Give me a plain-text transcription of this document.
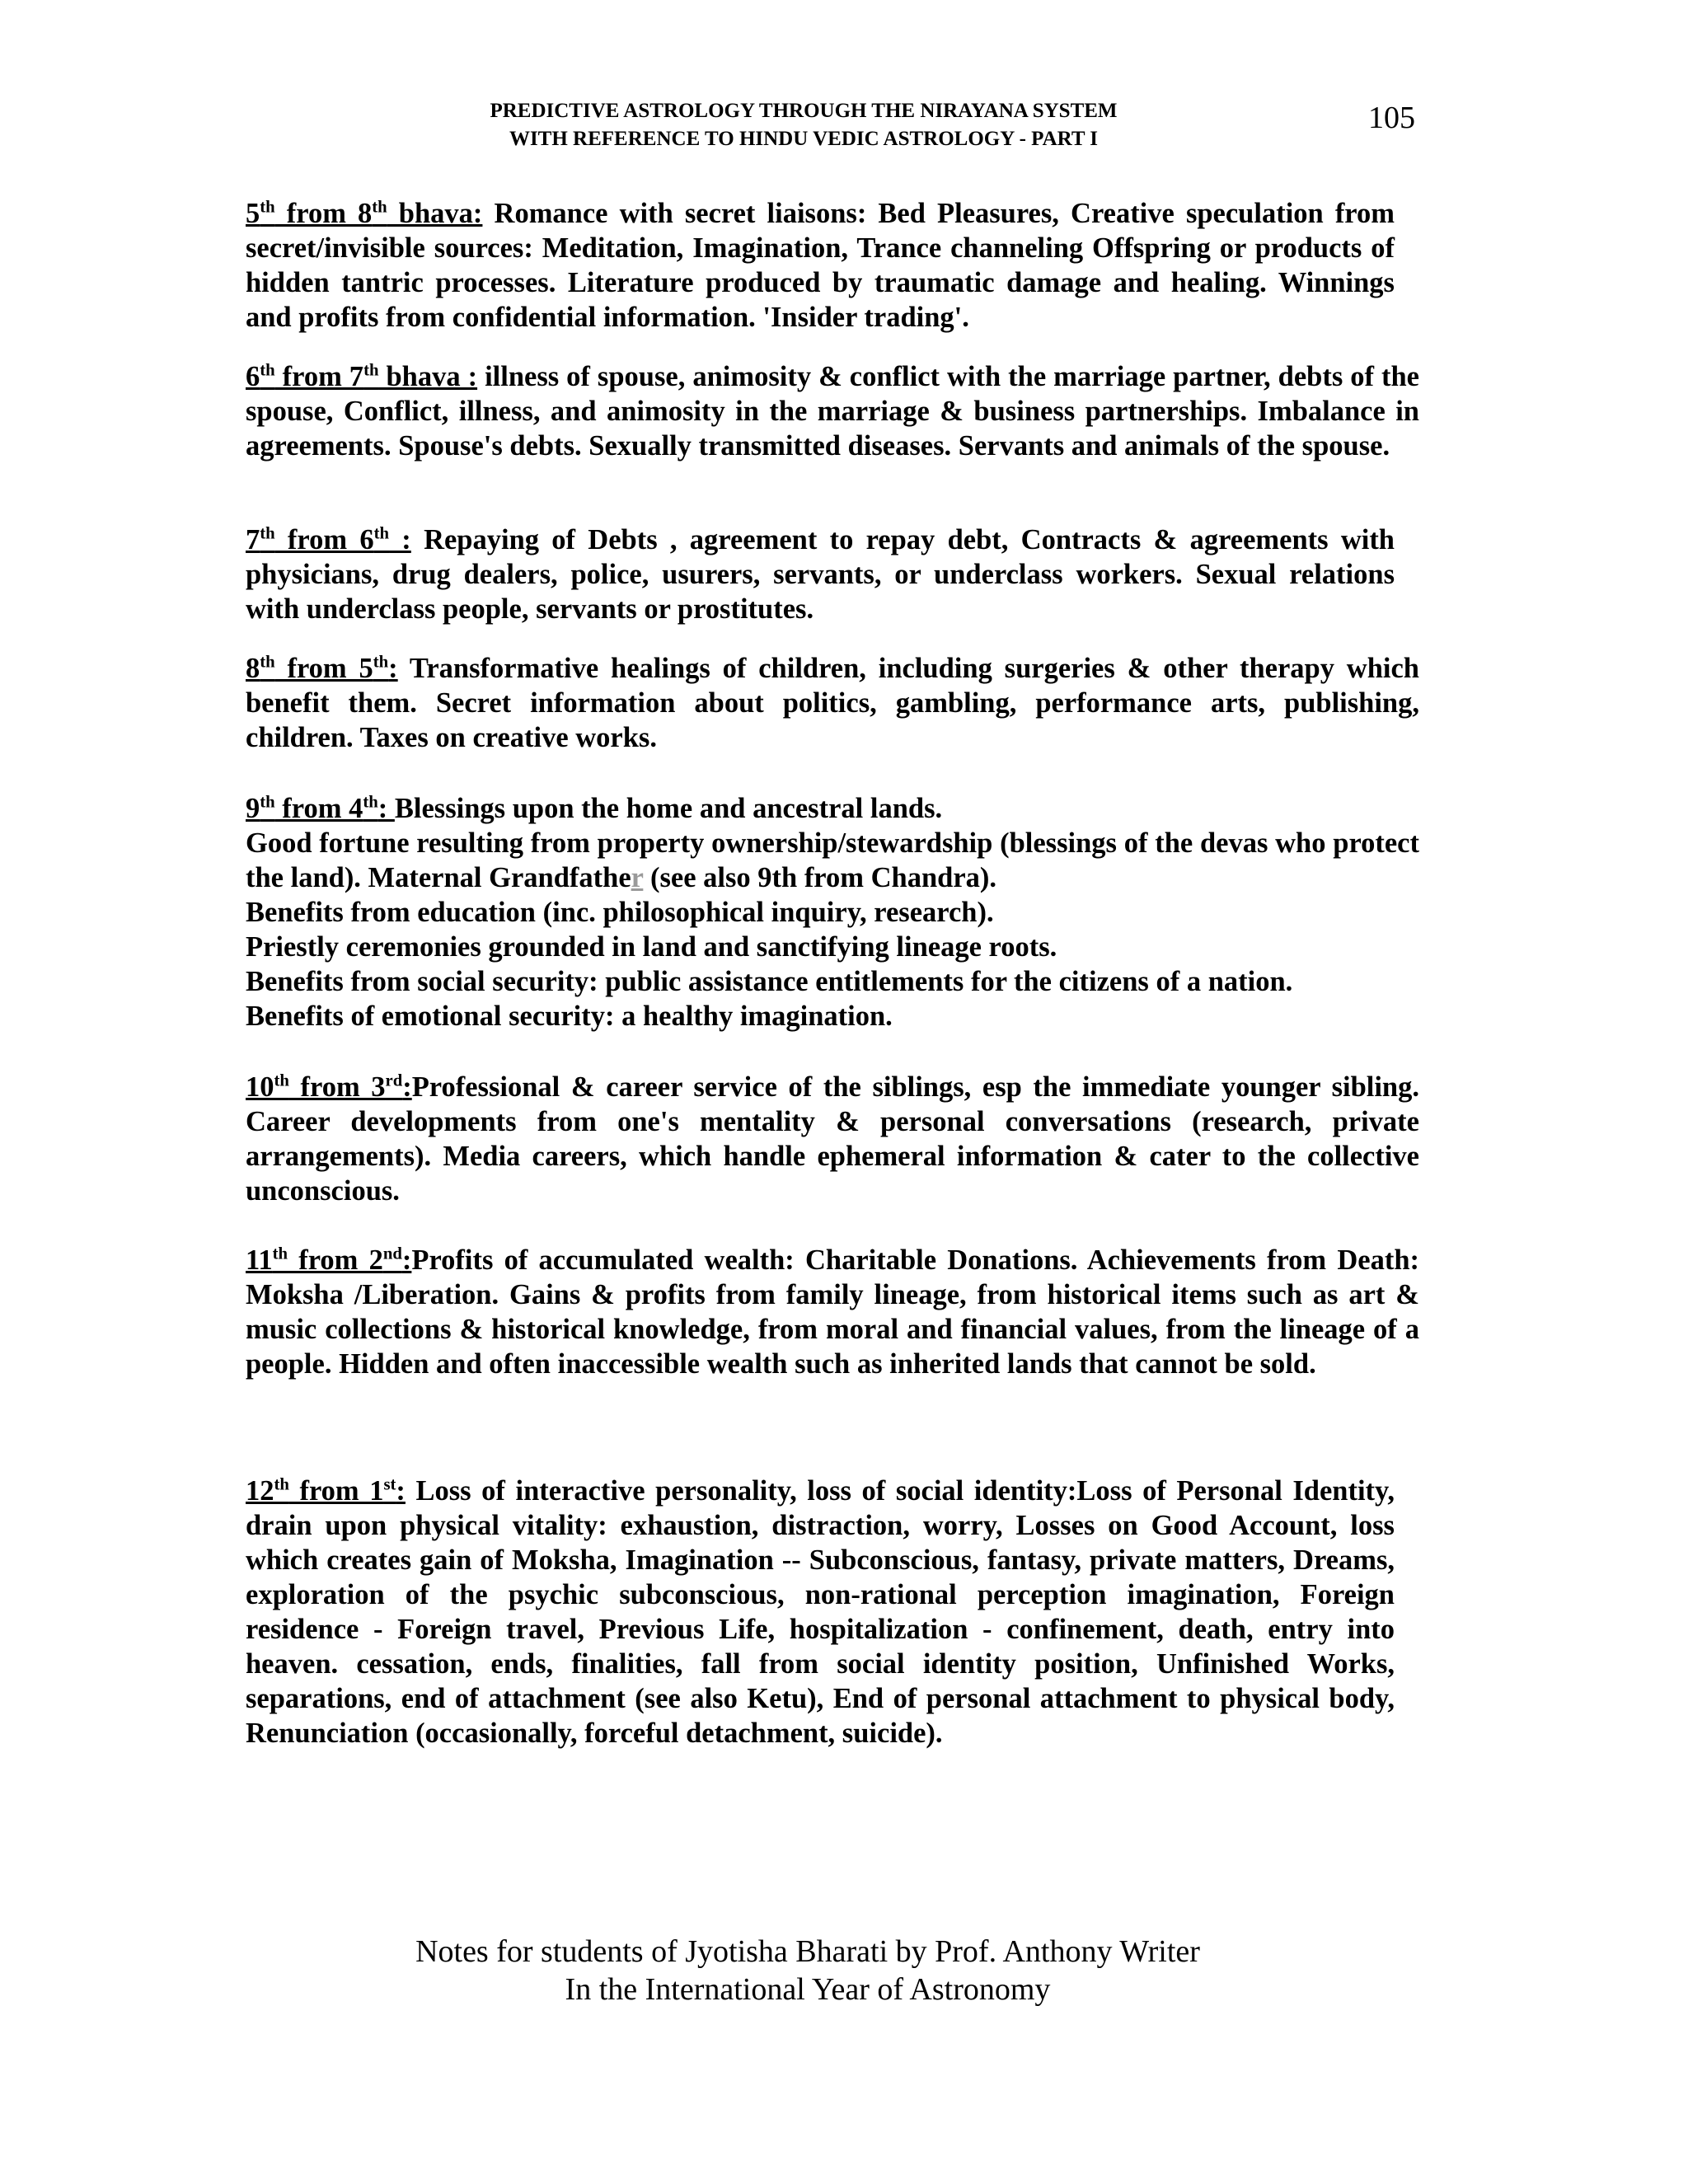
PREDICTIVE ASTROLOGY THROUGH THE NIRAYANA SYSTEM
WITH REFERENCE TO HINDU VEDIC ASTROLOGY - PART I
105
5th from 8th bhava: Romance with secret liaisons: Bed Pleasures, Creative speculation from secret/invisible sources: Meditation, Imagination, Trance channeling Offspring or products of hidden tantric processes. Literature produced by traumatic damage and healing. Winnings and profits from confidential information. 'Insider trading'.
6th from 7th bhava : illness of spouse, animosity & conflict with the marriage partner, debts of the spouse, Conflict, illness, and animosity in the marriage & business partnerships. Imbalance in agreements. Spouse's debts. Sexually transmitted diseases. Servants and animals of the spouse.
7th from 6th : Repaying of Debts , agreement to repay debt, Contracts & agreements with physicians, drug dealers, police, usurers, servants, or underclass workers. Sexual relations with underclass people, servants or prostitutes.
8th from 5th: Transformative healings of children, including surgeries & other therapy which benefit them. Secret information about politics, gambling, performance arts, publishing, children. Taxes on creative works.
9th from 4th: Blessings upon the home and ancestral lands.
Good fortune resulting from property ownership/stewardship (blessings of the devas who protect the land). Maternal Grandfather (see also 9th from Chandra).
Benefits from education (inc. philosophical inquiry, research).
Priestly ceremonies grounded in land and sanctifying lineage roots.
Benefits from social security: public assistance entitlements for the citizens of a nation.
Benefits of emotional security: a healthy imagination.
10th from 3rd:Professional & career service of the siblings, esp the immediate younger sibling. Career developments from one's mentality & personal conversations (research, private arrangements). Media careers, which handle ephemeral information & cater to the collective unconscious.
11th from 2nd:Profits of accumulated wealth: Charitable Donations. Achievements from Death: Moksha /Liberation. Gains & profits from family lineage, from historical items such as art & music collections & historical knowledge, from moral and financial values, from the lineage of a people. Hidden and often inaccessible wealth such as inherited lands that cannot be sold.
12th from 1st: Loss of interactive personality, loss of social identity:Loss of Personal Identity, drain upon physical vitality: exhaustion, distraction, worry, Losses on Good Account, loss which creates gain of Moksha, Imagination -- Subconscious, fantasy, private matters, Dreams, exploration of the psychic subconscious, non-rational perception imagination, Foreign residence - Foreign travel, Previous Life, hospitalization - confinement, death, entry into heaven. cessation, ends, finalities, fall from social identity position, Unfinished Works, separations, end of attachment (see also Ketu), End of personal attachment to physical body, Renunciation (occasionally, forceful detachment, suicide).
Notes for students of Jyotisha Bharati by Prof. Anthony Writer
In the International Year of Astronomy
